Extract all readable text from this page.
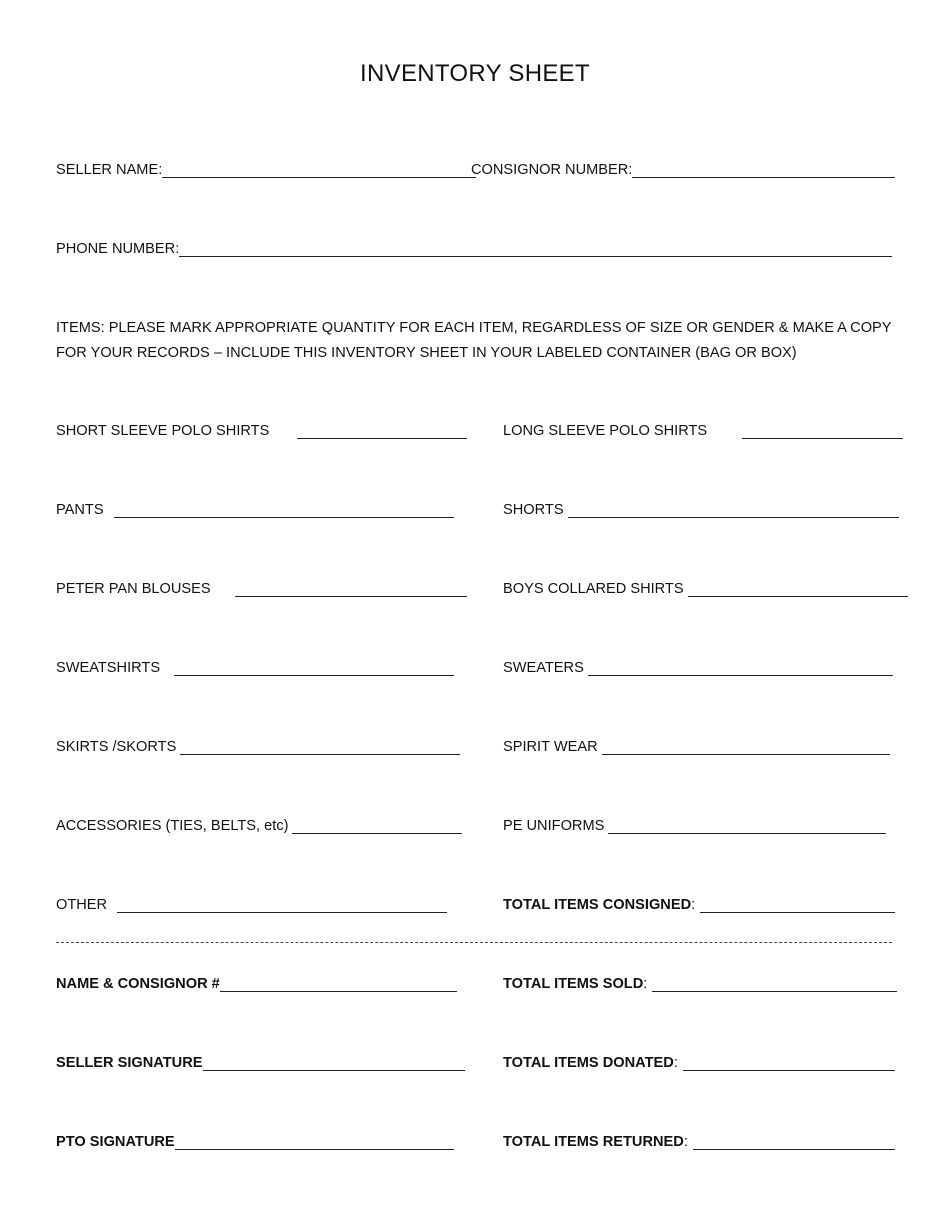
INVENTORY SHEET
SELLER NAME:	CONSIGNOR NUMBER:
PHONE NUMBER:
ITEMS: PLEASE MARK APPROPRIATE QUANTITY FOR EACH ITEM, REGARDLESS OF SIZE OR GENDER & MAKE A COPY FOR YOUR RECORDS – INCLUDE THIS INVENTORY SHEET IN YOUR LABELED CONTAINER (BAG OR BOX)
SHORT SLEEVE POLO SHIRTS	LONG SLEEVE POLO SHIRTS
PANTS	SHORTS
PETER PAN BLOUSES	BOYS COLLARED SHIRTS
SWEATSHIRTS	SWEATERS
SKIRTS /SKORTS	SPIRIT WEAR
ACCESSORIES (TIES, BELTS, etc)	PE UNIFORMS
OTHER	TOTAL ITEMS CONSIGNED :
NAME & CONSIGNOR #	TOTAL ITEMS SOLD :
SELLER SIGNATURE	TOTAL ITEMS DONATED :
PTO SIGNATURE	TOTAL ITEMS RETURNED :
